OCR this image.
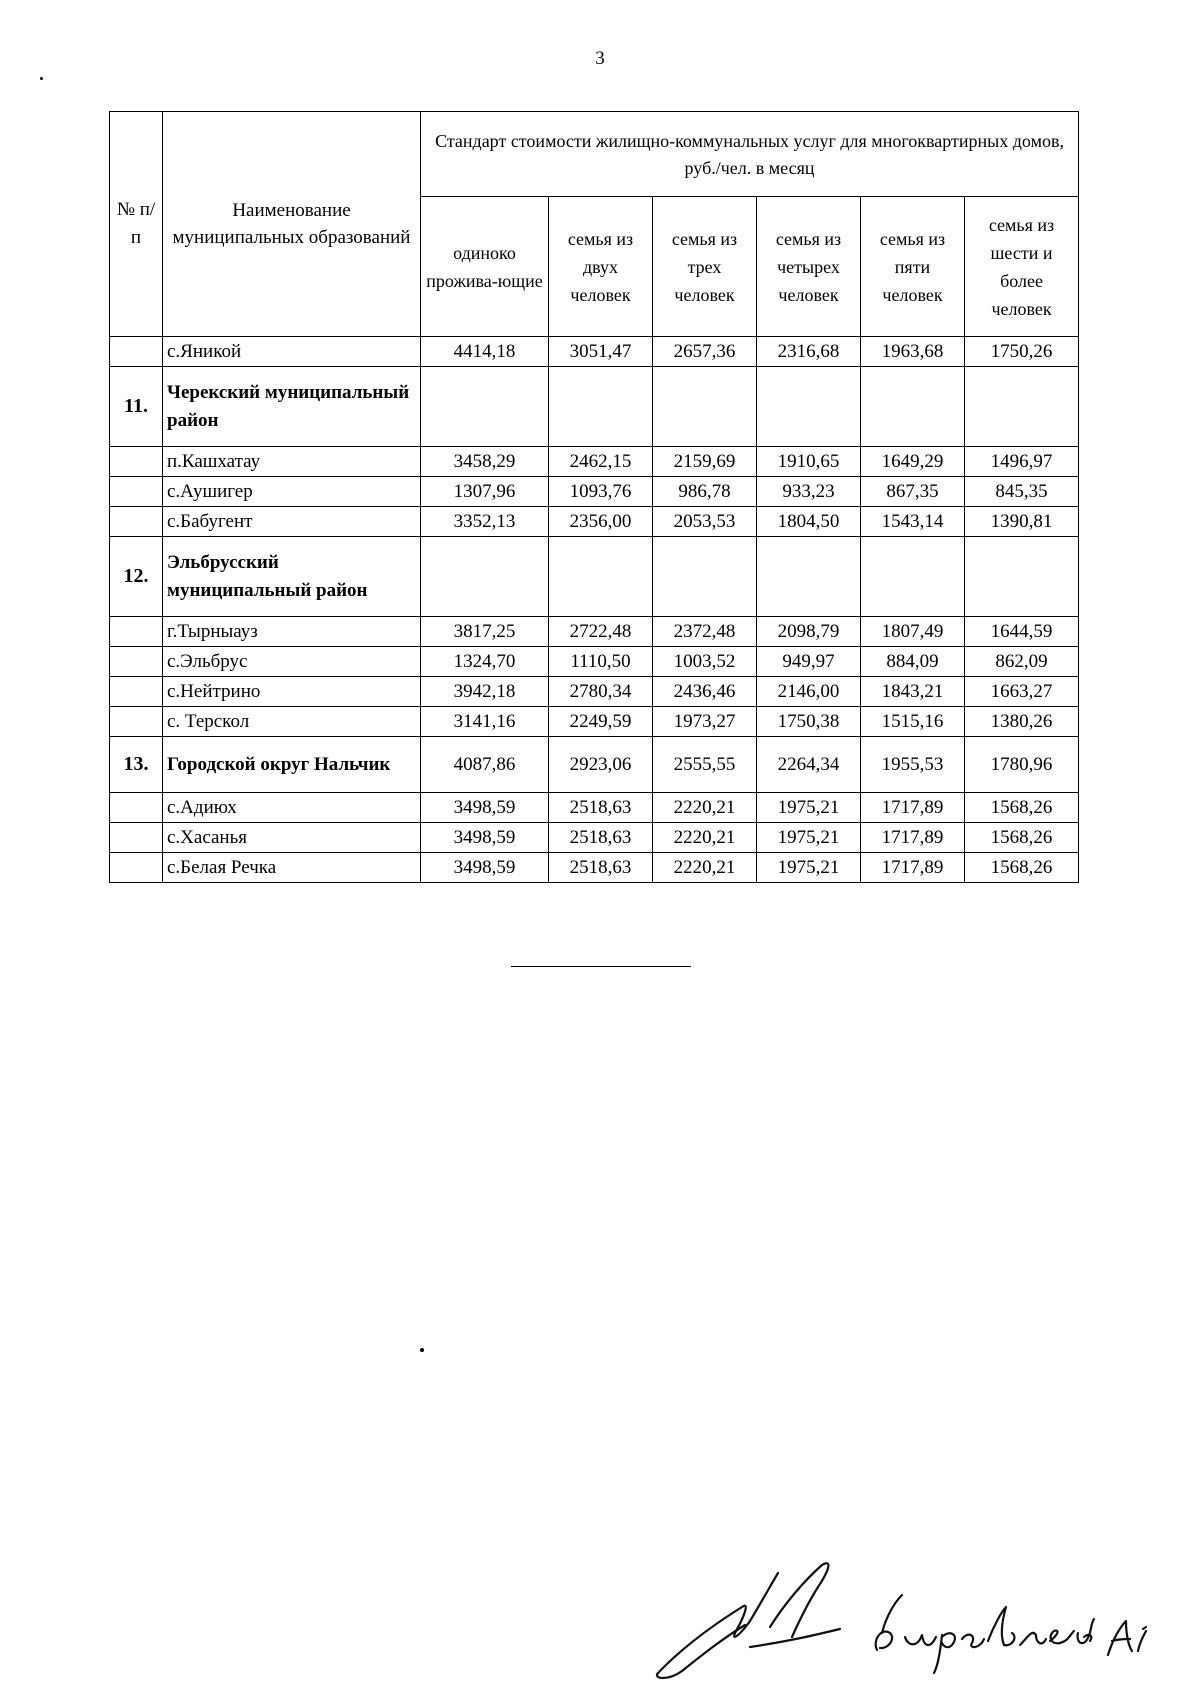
3
№ п/п	Наименование муниципальных образований	Стандарт стоимости жилищно-коммунальных услуг для многоквартирных домов, руб./чел. в месяц					
		одиноко прожива-ющие	семья из двух человек	семья из трех человек	семья из четырех человек	семья из пяти человек	семья из шести и более человек
	с.Яникой	4414,18	3051,47	2657,36	2316,68	1963,68	1750,26
11.	Черекский муниципальный район						
	п.Кашхатау	3458,29	2462,15	2159,69	1910,65	1649,29	1496,97
	с.Аушигер	1307,96	1093,76	986,78	933,23	867,35	845,35
	с.Бабугент	3352,13	2356,00	2053,53	1804,50	1543,14	1390,81
12.	Эльбрусский муниципальный район						
	г.Тырныауз	3817,25	2722,48	2372,48	2098,79	1807,49	1644,59
	с.Эльбрус	1324,70	1110,50	1003,52	949,97	884,09	862,09
	с.Нейтрино	3942,18	2780,34	2436,46	2146,00	1843,21	1663,27
	с. Терскол	3141,16	2249,59	1973,27	1750,38	1515,16	1380,26
13.	Городской округ Нальчик	4087,86	2923,06	2555,55	2264,34	1955,53	1780,96
	с.Адиюх	3498,59	2518,63	2220,21	1975,21	1717,89	1568,26
	с.Хасанья	3498,59	2518,63	2220,21	1975,21	1717,89	1568,26
	с.Белая Речка	3498,59	2518,63	2220,21	1975,21	1717,89	1568,26
